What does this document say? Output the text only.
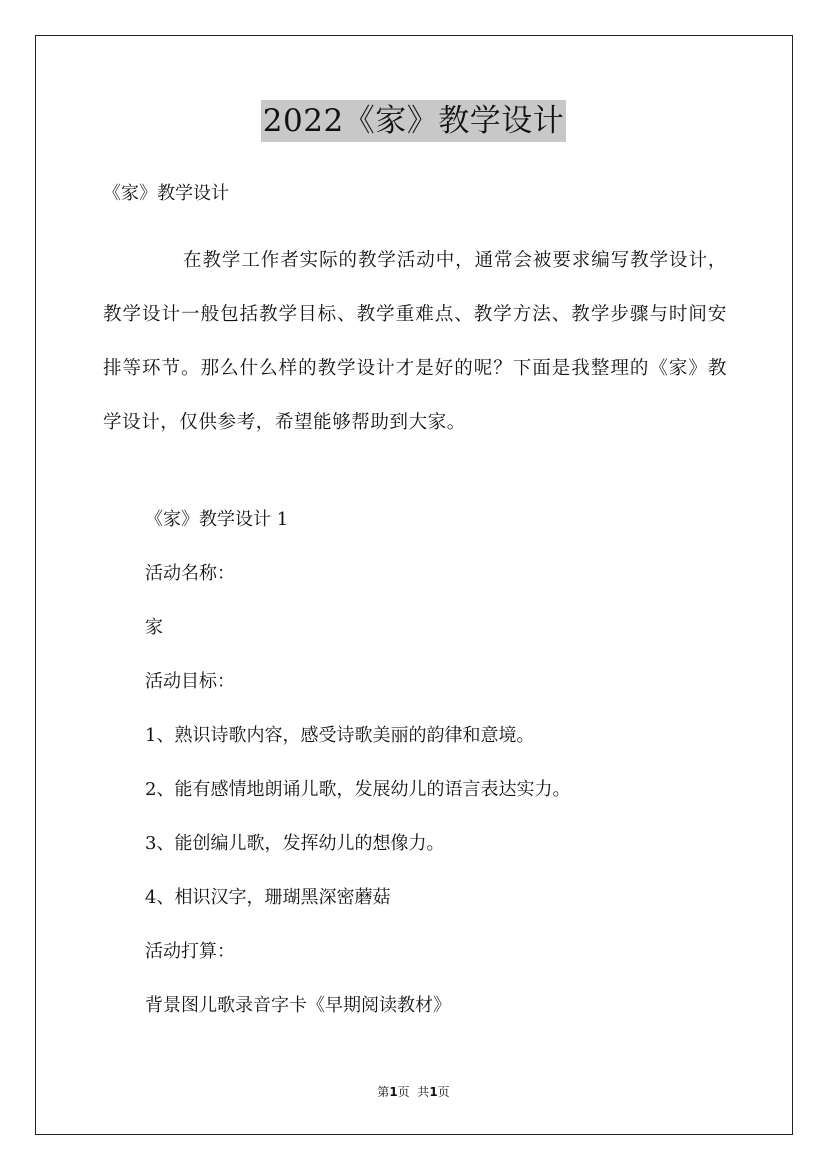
2022《家》教学设计
《家》教学设计
在教学工作者实际的教学活动中，通常会被要求编写教学设计，教学设计一般包括教学目标、教学重难点、教学方法、教学步骤与时间安排等环节。那么什么样的教学设计才是好的呢？下面是我整理的《家》教学设计，仅供参考，希望能够帮助到大家。
《家》教学设计 1
活动名称：
家
活动目标：
1、熟识诗歌内容，感受诗歌美丽的韵律和意境。
2、能有感情地朗诵儿歌，发展幼儿的语言表达实力。
3、能创编儿歌，发挥幼儿的想像力。
4、相识汉字，珊瑚黑深密蘑菇
活动打算：
背景图儿歌录音字卡《早期阅读教材》
第1页  共1页
